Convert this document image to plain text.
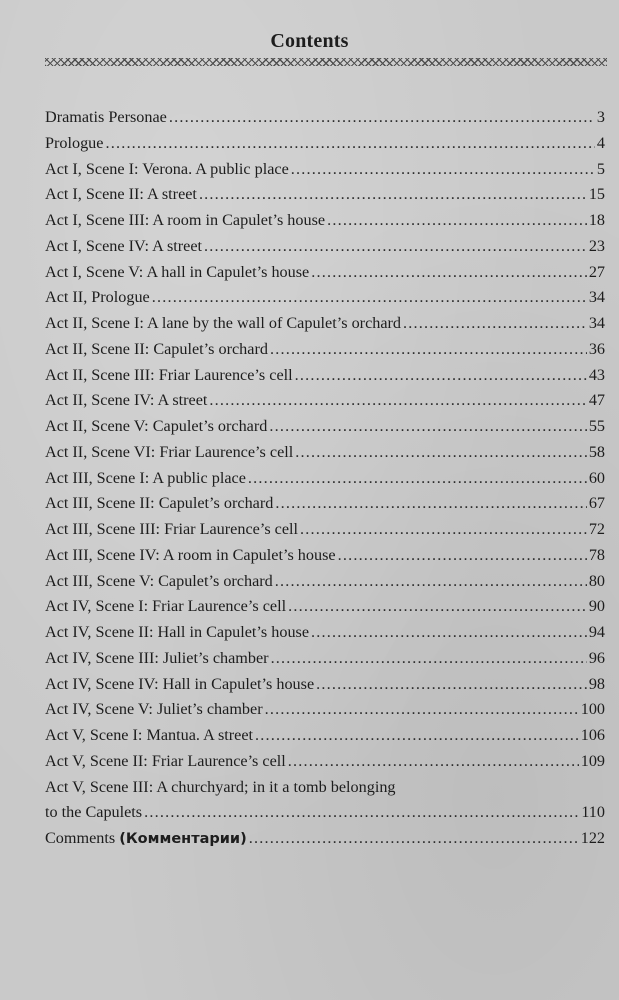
Contents
Dramatis Personae .....	3
Prologue .....	4
Act I, Scene I: Verona. A public place .....	5
Act I, Scene II: A street .....	15
Act I, Scene III: A room in Capulet’s house .....	18
Act I, Scene IV: A street .....	23
Act I, Scene V: A hall in Capulet’s house .....	27
Act II, Prologue .....	34
Act II, Scene I: A lane by the wall of Capulet’s orchard .....	34
Act II, Scene II: Capulet’s orchard .....	36
Act II, Scene III: Friar Laurence’s cell .....	43
Act II, Scene IV: A street .....	47
Act II, Scene V: Capulet’s orchard .....	55
Act II, Scene VI: Friar Laurence’s cell .....	58
Act III, Scene I: A public place .....	60
Act III, Scene II: Capulet’s orchard .....	67
Act III, Scene III: Friar Laurence’s cell .....	72
Act III, Scene IV: A room in Capulet’s house .....	78
Act III, Scene V: Capulet’s orchard .....	80
Act IV, Scene I: Friar Laurence’s cell .....	90
Act IV, Scene II: Hall in Capulet’s house .....	94
Act IV, Scene III: Juliet’s chamber .....	96
Act IV, Scene IV: Hall in Capulet’s house .....	98
Act IV, Scene V: Juliet’s chamber .....	100
Act V, Scene I: Mantua. A street .....	106
Act V, Scene II: Friar Laurence’s cell .....	109
Act V, Scene III: A churchyard; in it a tomb belonging
to the Capulets .....	110
Comments (Комментарии) .....	122
